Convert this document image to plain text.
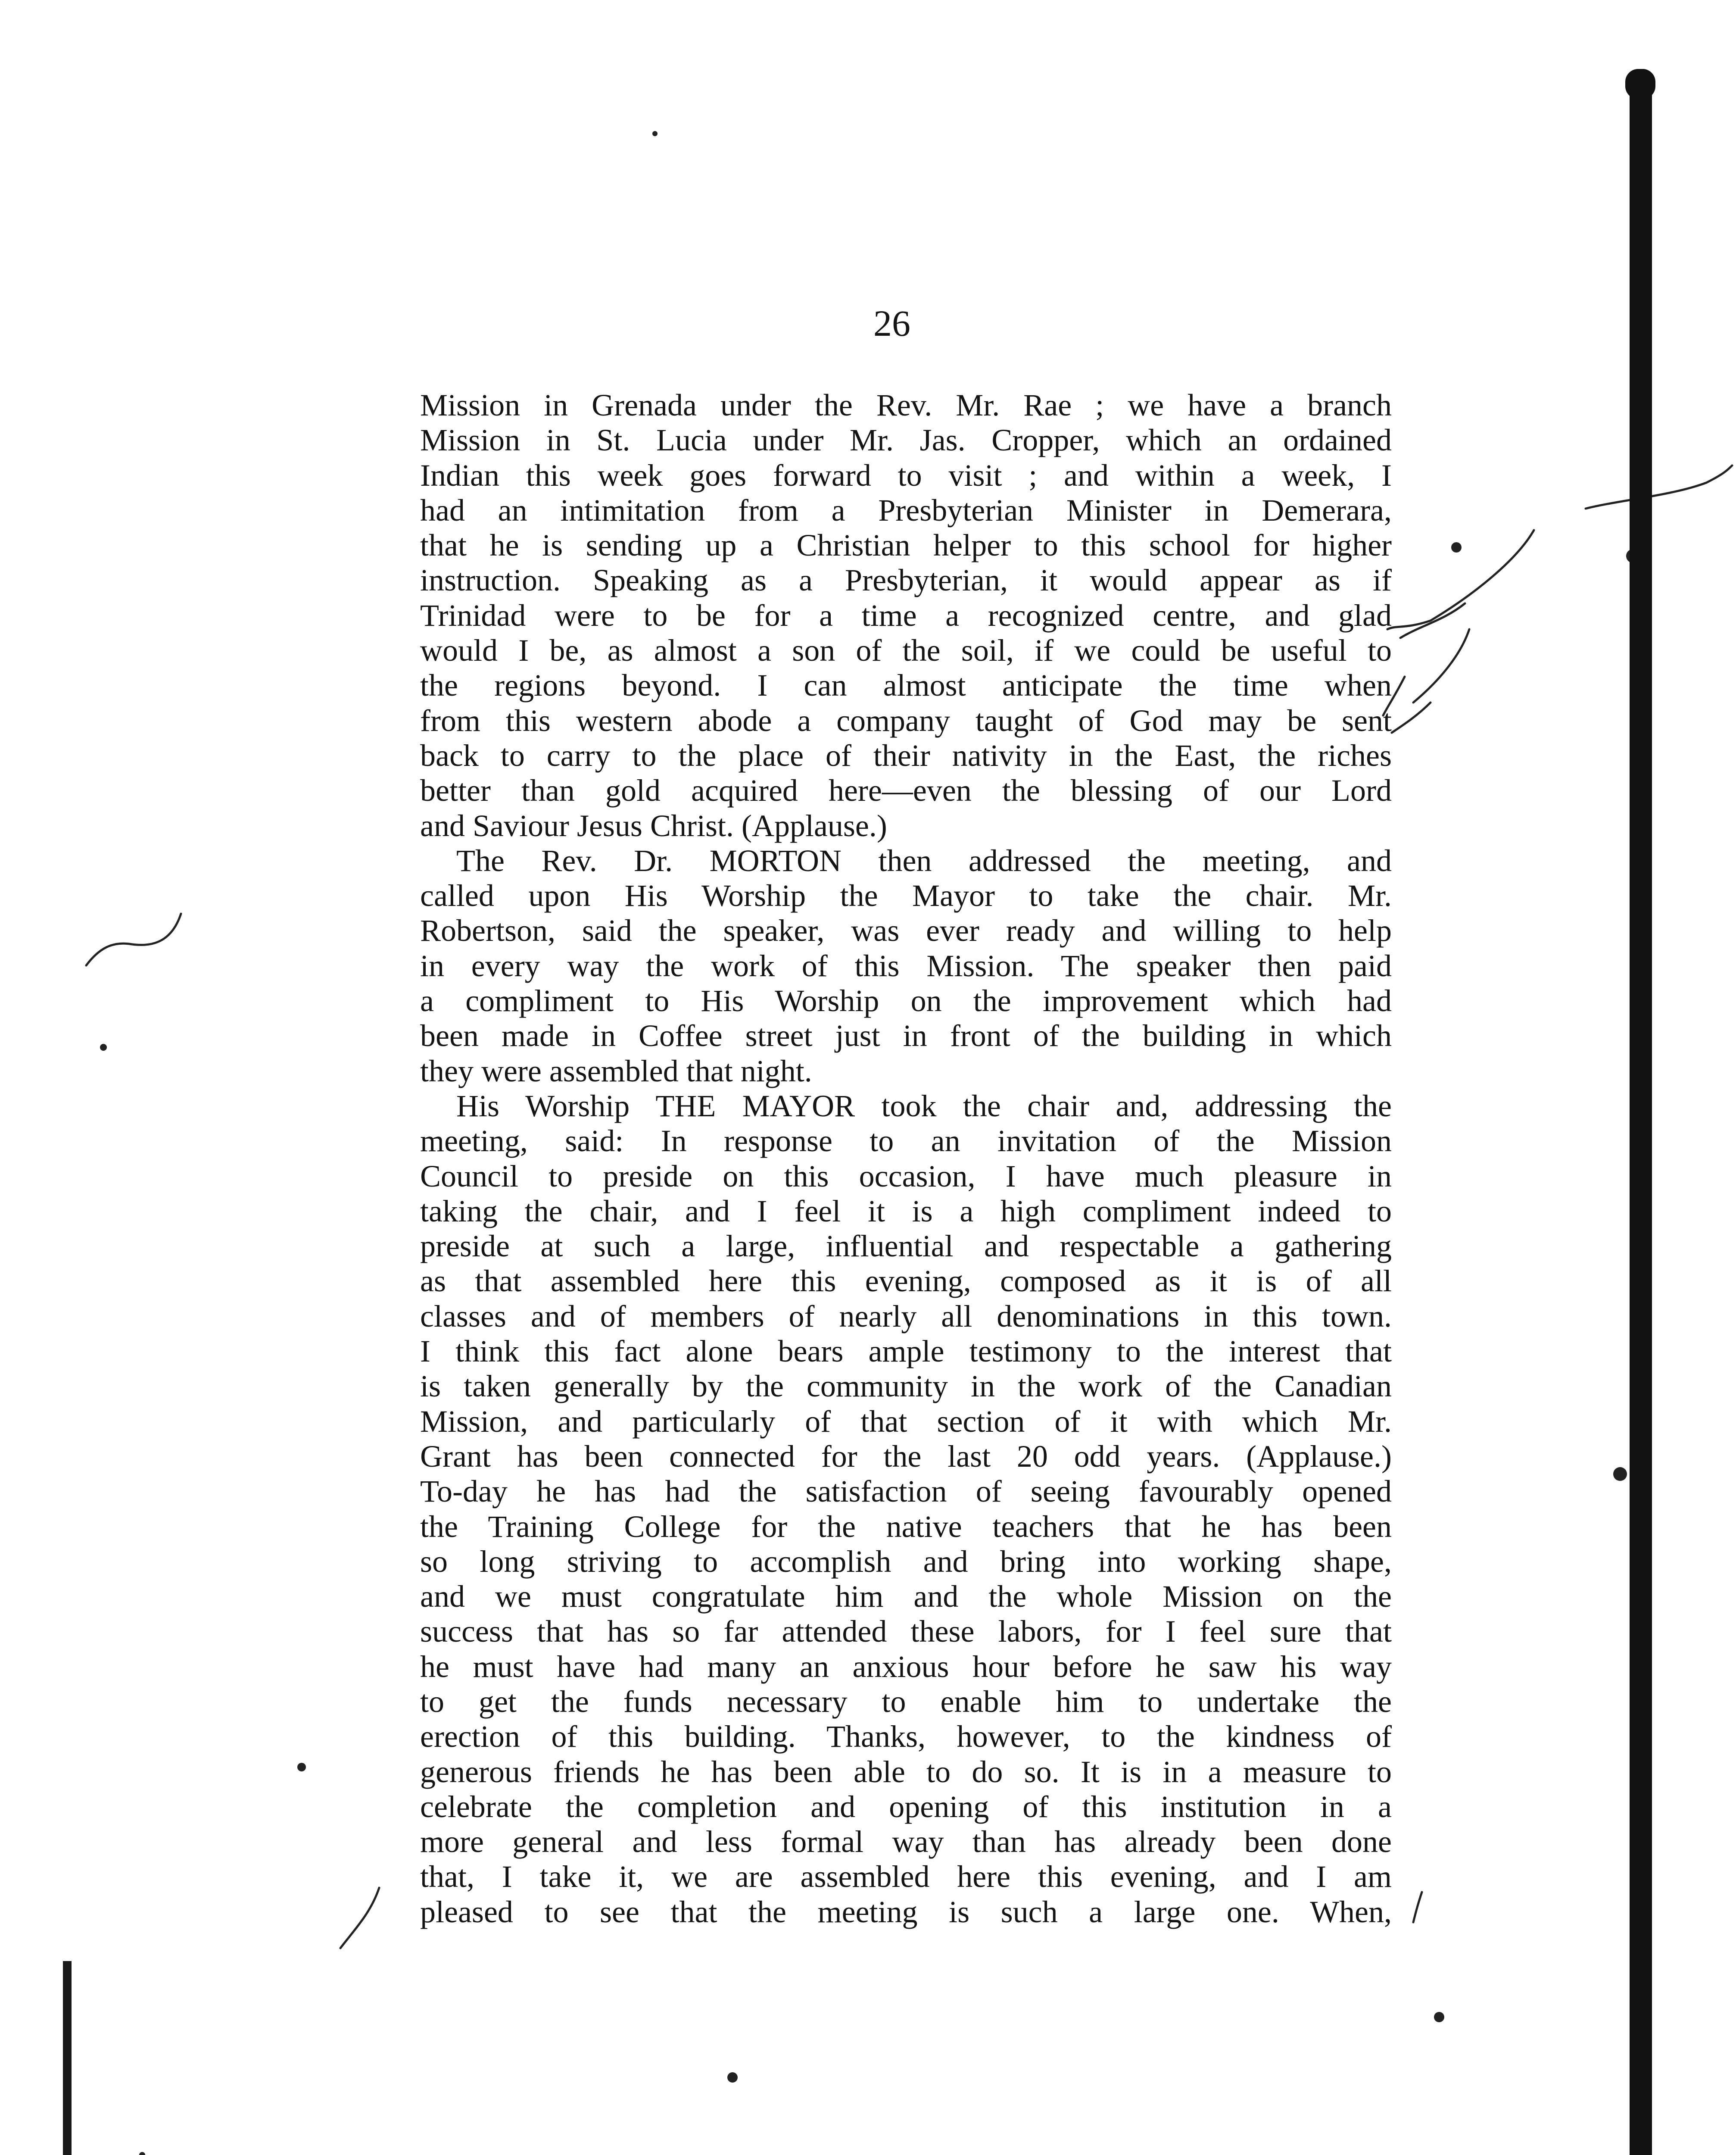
26
Mission in Grenada under the Rev. Mr. Rae ; we have a branch
Mission in St. Lucia under Mr. Jas. Cropper, which an ordained
Indian this week goes forward to visit ; and within a week, I
had an intimitation from a Presbyterian Minister in Demerara,
that he is sending up a Christian helper to this school for higher
instruction. Speaking as a Presbyterian, it would appear as if
Trinidad were to be for a time a recognized centre, and glad
would I be, as almost a son of the soil, if we could be useful to
the regions beyond. I can almost anticipate the time when
from this western abode a company taught of God may be sent
back to carry to the place of their nativity in the East, the riches
better than gold acquired here—even the blessing of our Lord
and Saviour Jesus Christ. (Applause.)
The Rev. Dr. MORTON then addressed the meeting, and
called upon His Worship the Mayor to take the chair. Mr.
Robertson, said the speaker, was ever ready and willing to help
in every way the work of this Mission. The speaker then paid
a compliment to His Worship on the improvement which had
been made in Coffee street just in front of the building in which
they were assembled that night.
His Worship THE MAYOR took the chair and, addressing the
meeting, said: In response to an invitation of the Mission
Council to preside on this occasion, I have much pleasure in
taking the chair, and I feel it is a high compliment indeed to
preside at such a large, influential and respectable a gathering
as that assembled here this evening, composed as it is of all
classes and of members of nearly all denominations in this town.
I think this fact alone bears ample testimony to the interest that
is taken generally by the community in the work of the Canadian
Mission, and particularly of that section of it with which Mr.
Grant has been connected for the last 20 odd years. (Applause.)
To-day he has had the satisfaction of seeing favourably opened
the Training College for the native teachers that he has been
so long striving to accomplish and bring into working shape,
and we must congratulate him and the whole Mission on the
success that has so far attended these labors, for I feel sure that
he must have had many an anxious hour before he saw his way
to get the funds necessary to enable him to undertake the
erection of this building. Thanks, however, to the kindness of
generous friends he has been able to do so. It is in a measure to
celebrate the completion and opening of this institution in a
more general and less formal way than has already been done
that, I take it, we are assembled here this evening, and I am
pleased to see that the meeting is such a large one. When,
